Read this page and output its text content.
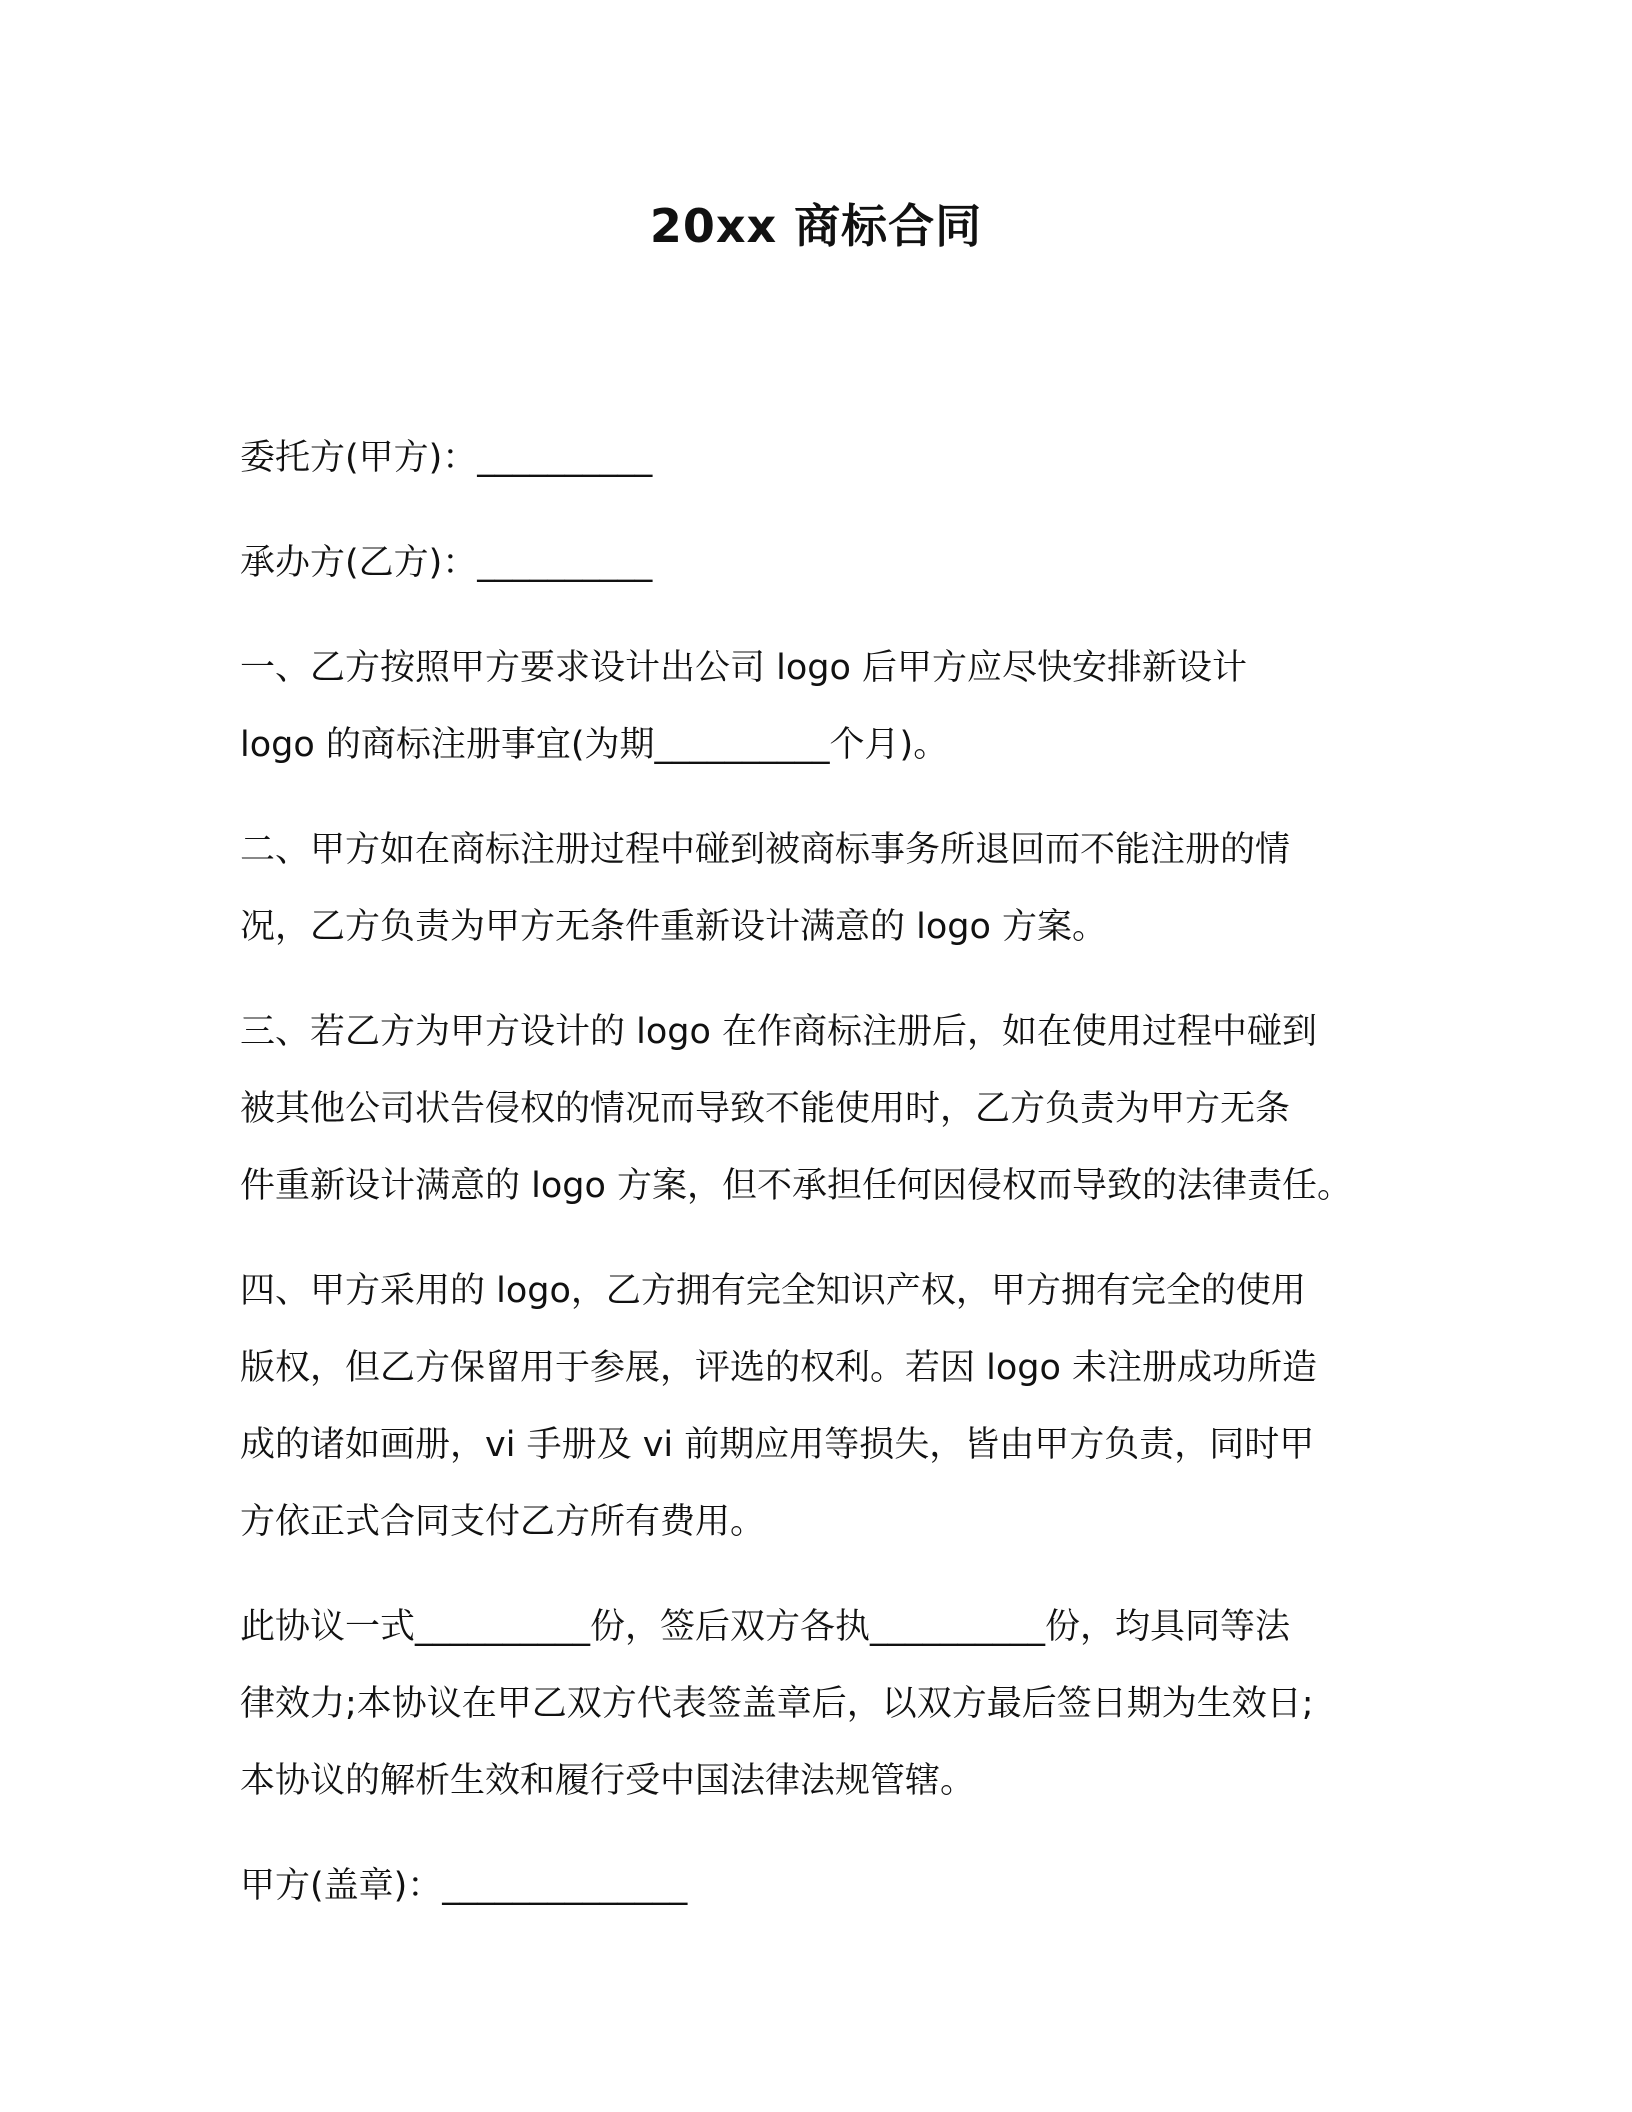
20xx 商标合同

委托方(甲方)：__________

承办方(乙方)：__________

一、乙方按照甲方要求设计出公司 logo 后甲方应尽快安排新设计
logo 的商标注册事宜(为期__________个月)。

二、甲方如在商标注册过程中碰到被商标事务所退回而不能注册的情
况，乙方负责为甲方无条件重新设计满意的 logo 方案。

三、若乙方为甲方设计的 logo 在作商标注册后，如在使用过程中碰到
被其他公司状告侵权的情况而导致不能使用时，乙方负责为甲方无条
件重新设计满意的 logo 方案，但不承担任何因侵权而导致的法律责任。

四、甲方采用的 logo，乙方拥有完全知识产权，甲方拥有完全的使用
版权，但乙方保留用于参展，评选的权利。若因 logo 未注册成功所造
成的诸如画册，vi 手册及 vi 前期应用等损失，皆由甲方负责，同时甲
方依正式合同支付乙方所有费用。

此协议一式__________份，签后双方各执__________份，均具同等法
律效力;本协议在甲乙双方代表签盖章后，以双方最后签日期为生效日;
本协议的解析生效和履行受中国法律法规管辖。

甲方(盖章)：______________
